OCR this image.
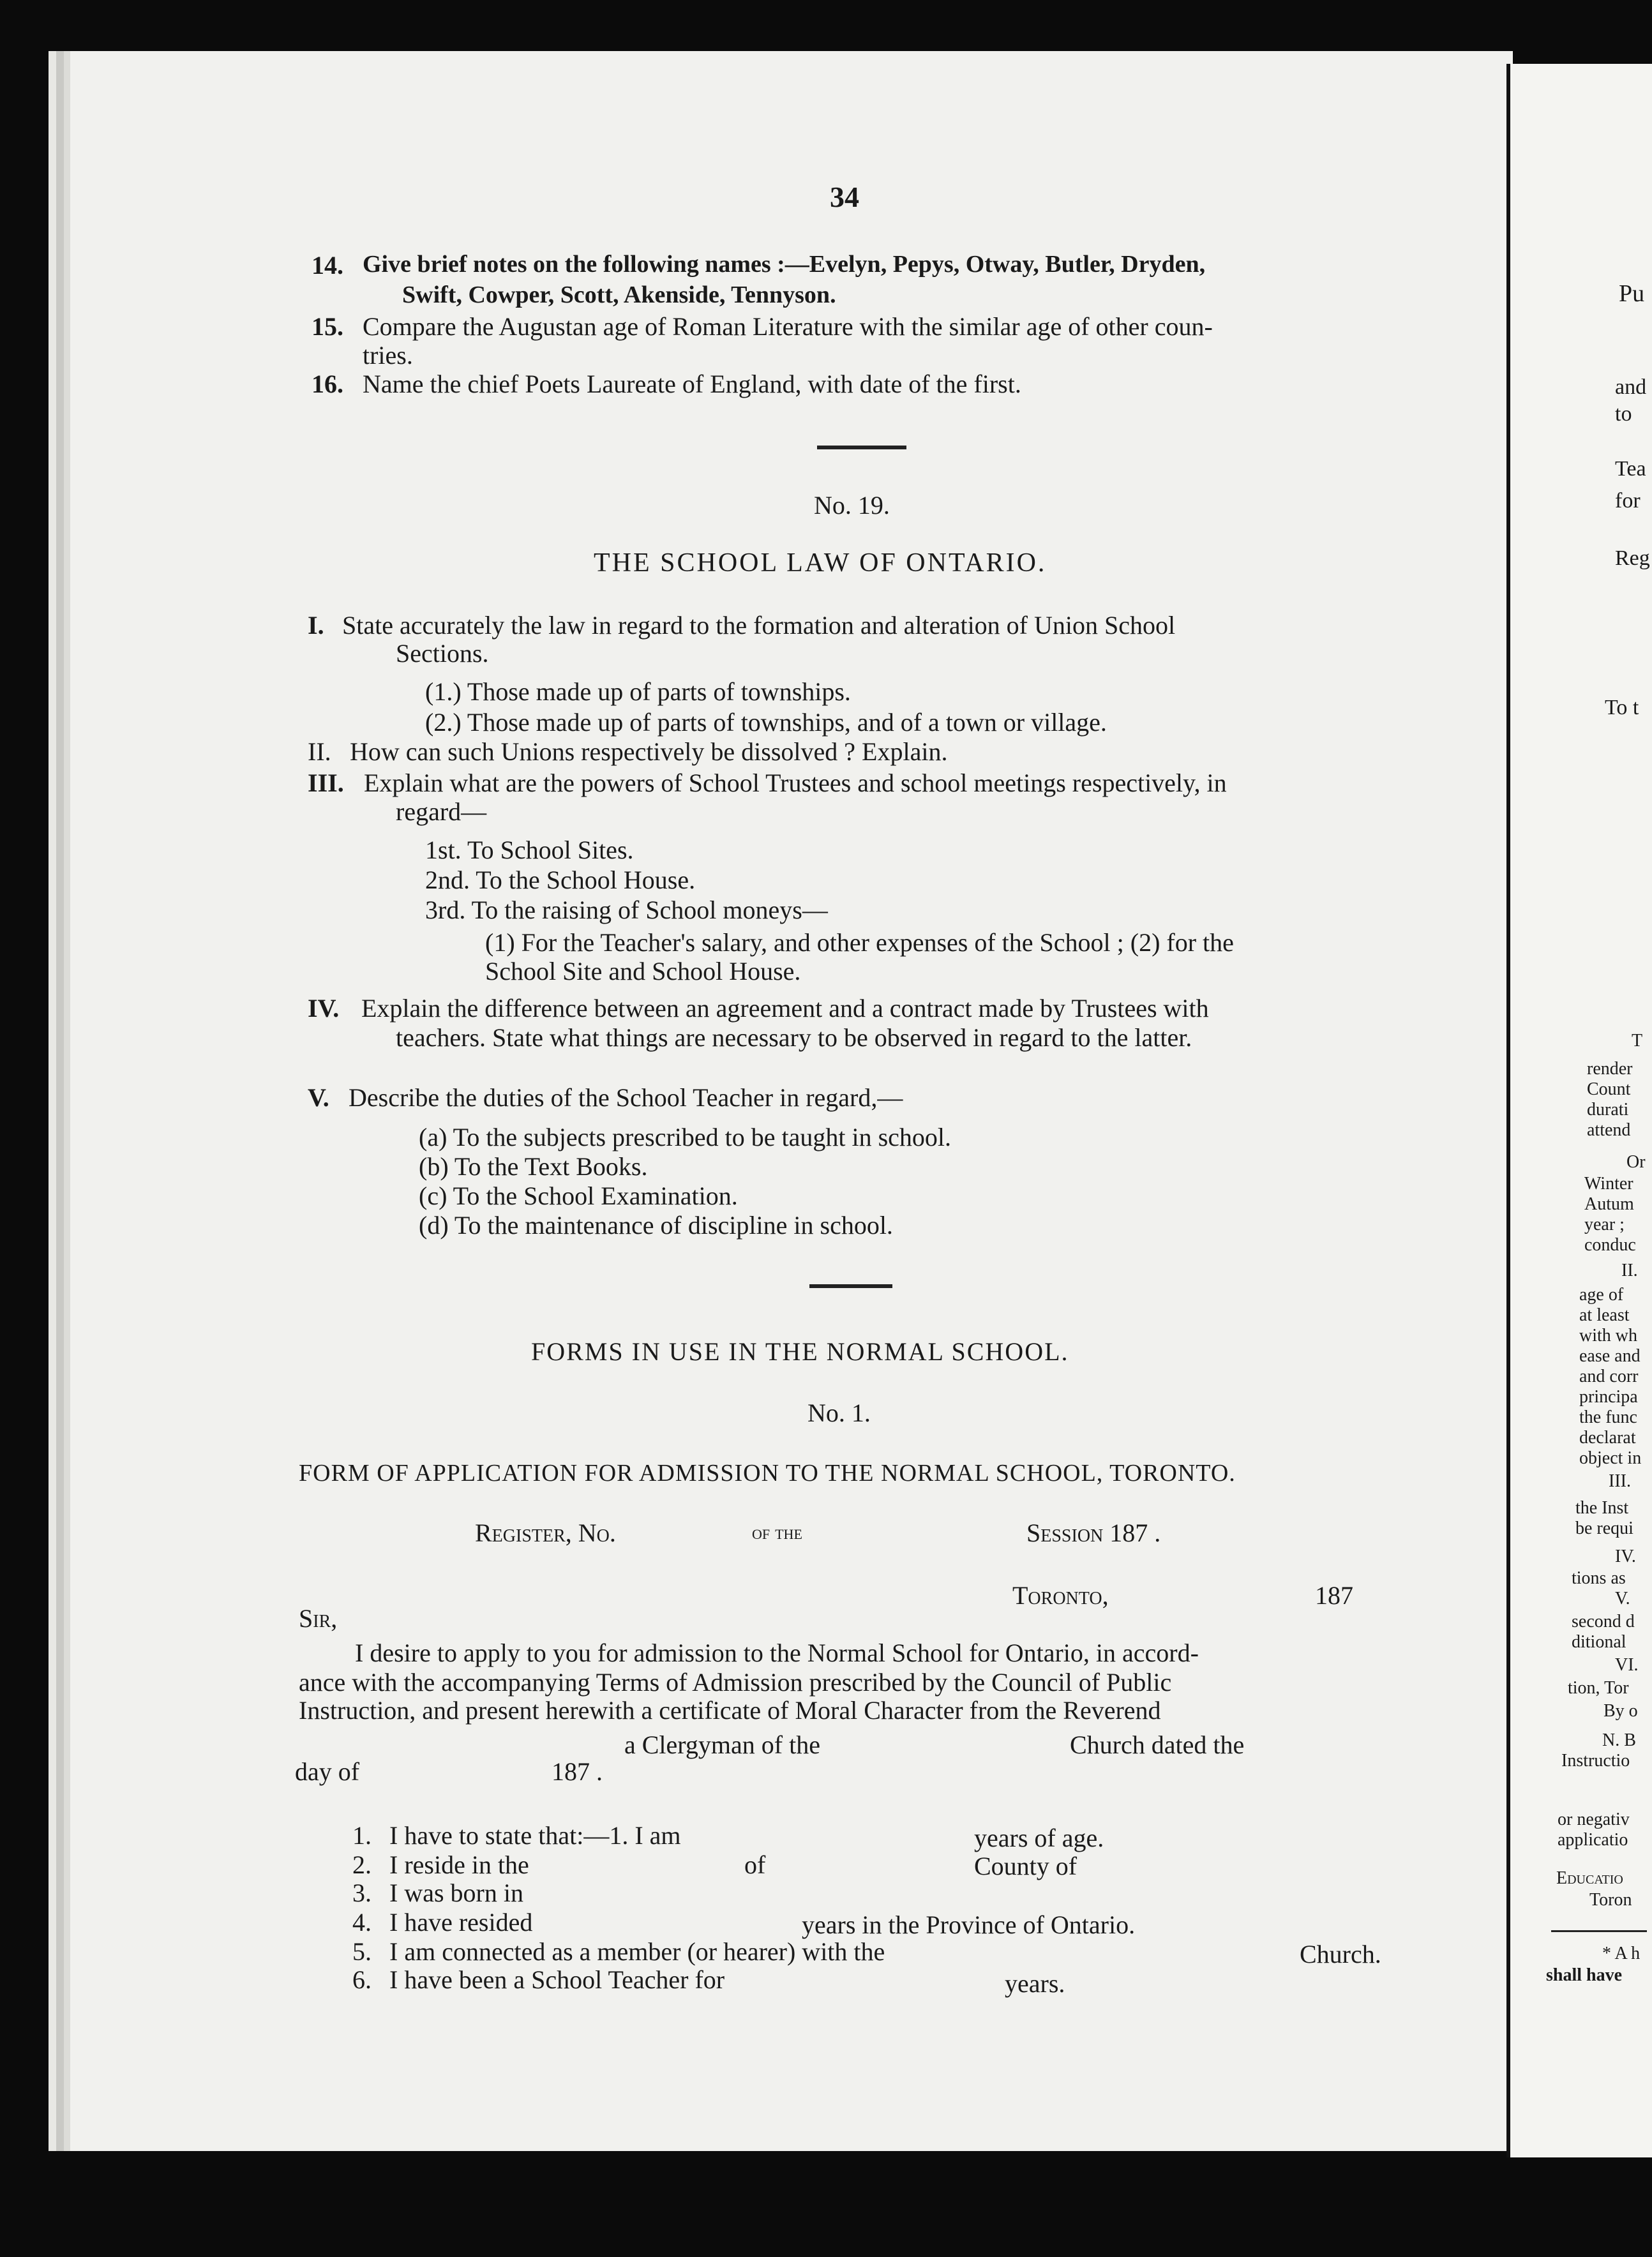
34
14. Give brief notes on the following names :—Evelyn, Pepys, Otway, Butler, Dryden,
Swift, Cowper, Scott, Akenside, Tennyson.
15. Compare the Augustan age of Roman Literature with the similar age of other coun-
tries.
16. Name the chief Poets Laureate of England, with date of the first.
No. 19.
THE SCHOOL LAW OF ONTARIO.
I. State accurately the law in regard to the formation and alteration of Union School
Sections.
(1.) Those made up of parts of townships.
(2.) Those made up of parts of townships, and of a town or village.
II. How can such Unions respectively be dissolved ? Explain.
III. Explain what are the powers of School Trustees and school meetings respectively, in
regard—
1st. To School Sites.
2nd. To the School House.
3rd. To the raising of School moneys—
(1) For the Teacher's salary, and other expenses of the School ; (2) for the
School Site and School House.
IV. Explain the difference between an agreement and a contract made by Trustees with
teachers. State what things are necessary to be observed in regard to the latter.
V. Describe the duties of the School Teacher in regard,—
(a) To the subjects prescribed to be taught in school.
(b) To the Text Books.
(c) To the School Examination.
(d) To the maintenance of discipline in school.
FORMS IN USE IN THE NORMAL SCHOOL.
No. 1.
FORM OF APPLICATION FOR ADMISSION TO THE NORMAL SCHOOL, TORONTO.
Register, No.	of the	Session 187 .
Toronto,	187
Sir,
I desire to apply to you for admission to the Normal School for Ontario, in accord-
ance with the accompanying Terms of Admission prescribed by the Council of Public
Instruction, and present herewith a certificate of Moral Character from the Reverend
a Clergyman of the	Church dated the
day of	187 .
1. I have to state that:—1. I am	years of age.
2. I reside in the	of	County of
3. I was born in
4. I have resided	years in the Province of Ontario.
5. I am connected as a member (or hearer) with the	Church.
6. I have been a School Teacher for	years.
Pu
and
to
Tea
for
Reg
To t
T
render
Count
durati
attend
Or
Winter
Autum
year ;
conduc
II.
age of
at least
with wh
ease and
and corr
principa
the func
declarat
object in
III.
the Inst
be requi
IV.
tions as
V.
second d
ditional
VI.
tion, Tor
By o
N. B
Instructio
or negativ
applicatio
Educatio
Toron
* A h
shall have
